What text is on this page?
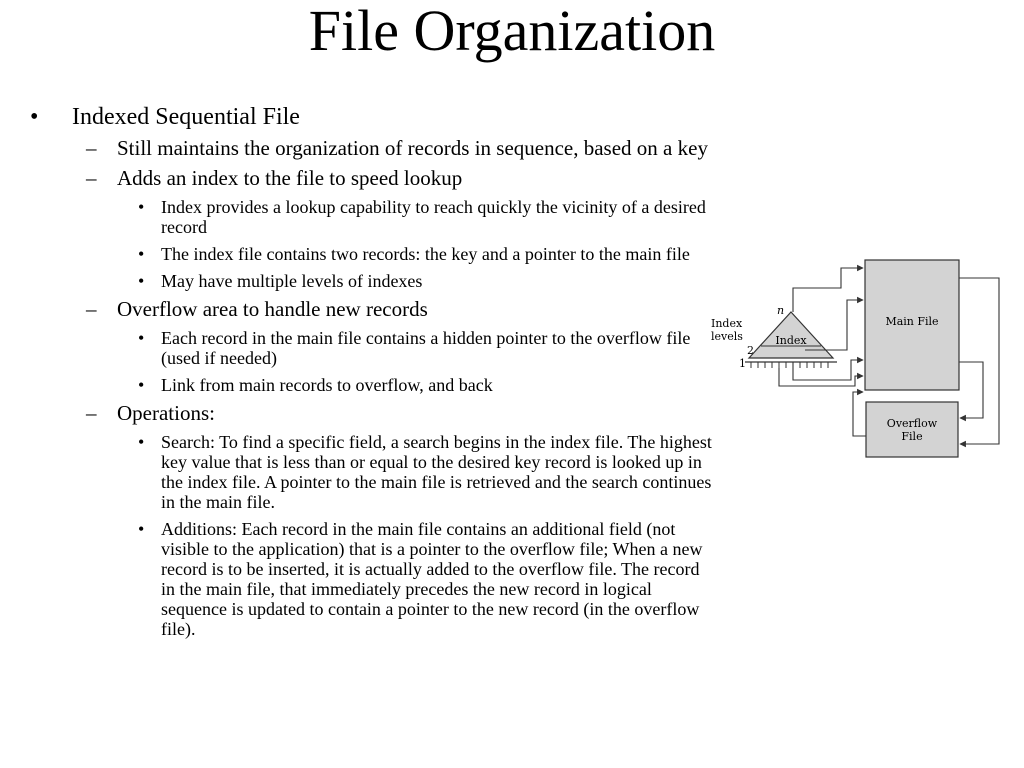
File Organization
• Indexed Sequential File
– Still maintains the organization of records in sequence, based on a key
– Adds an index to the file to speed lookup
• Index provides a lookup capability to reach quickly the vicinity of a desired record
• The index file contains two records: the key and a pointer to the main file
• May have multiple levels of indexes
– Overflow area to handle new records
• Each record in the main file contains a hidden pointer to the overflow file (used if needed)
• Link from main records to overflow, and back
– Operations:
• Search: To find a specific field, a search begins in the index file. The highest key value that is less than or equal to the desired key record is looked up in the index file. A pointer to the main file is retrieved and the search continues in the main file.
• Additions: Each record in the main file contains an additional field (not visible to the application) that is a pointer to the overflow file; When a new record is to be inserted, it is actually added to the overflow file. The record in the main file, that immediately precedes the new record in logical sequence is updated to contain a pointer to the new record (in the overflow file).
n
Index
levels
2
1
Index
Main File
Overflow
File
